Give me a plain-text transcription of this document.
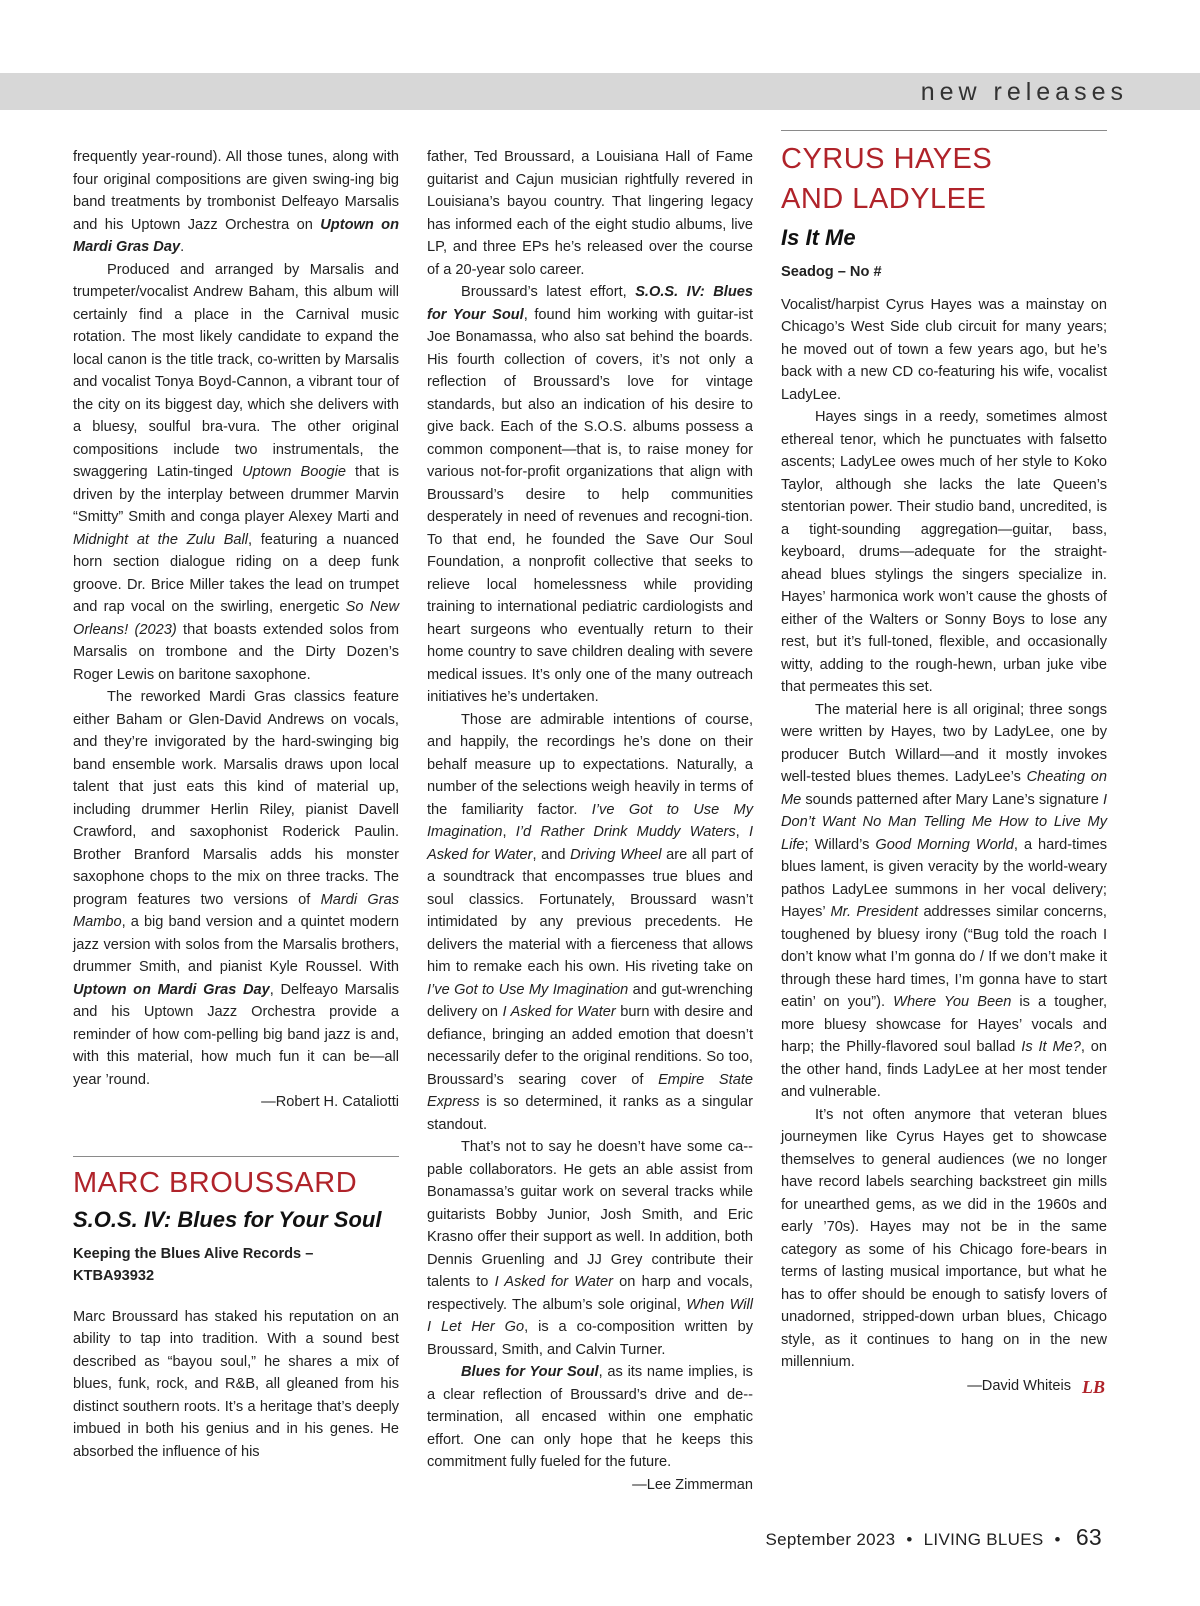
new releases

frequently year-round). All those tunes, along with four original compositions are given swing-ing big band treatments by trombonist Delfeayo Marsalis and his Uptown Jazz Orchestra on Uptown on Mardi Gras Day.

Produced and arranged by Marsalis and trumpeter/vocalist Andrew Baham, this album will certainly find a place in the Carnival music rotation. The most likely candidate to expand the local canon is the title track, co-written by Marsalis and vocalist Tonya Boyd-Cannon, a vibrant tour of the city on its biggest day, which she delivers with a bluesy, soulful bra-vura. The other original compositions include two instrumentals, the swaggering Latin-tinged Uptown Boogie that is driven by the interplay between drummer Marvin “Smitty” Smith and conga player Alexey Marti and Midnight at the Zulu Ball, featuring a nuanced horn section dialogue riding on a deep funk groove. Dr. Brice Miller takes the lead on trumpet and rap vocal on the swirling, energetic So New Orleans! (2023) that boasts extended solos from Marsalis on trombone and the Dirty Dozen’s Roger Lewis on baritone saxophone.

The reworked Mardi Gras classics feature either Baham or Glen-David Andrews on vocals, and they’re invigorated by the hard-swinging big band ensemble work. Marsalis draws upon local talent that just eats this kind of material up, including drummer Herlin Riley, pianist Davell Crawford, and saxophonist Roderick Paulin. Brother Branford Marsalis adds his monster saxophone chops to the mix on three tracks. The program features two versions of Mardi Gras Mambo, a big band version and a quintet modern jazz version with solos from the Marsalis brothers, drummer Smith, and pianist Kyle Roussel. With Uptown on Mardi Gras Day, Delfeayo Marsalis and his Uptown Jazz Orchestra provide a reminder of how com-pelling big band jazz is and, with this material, how much fun it can be—all year ’round.

—Robert H. Cataliotti

MARC BROUSSARD

S.O.S. IV: Blues for Your Soul

Keeping the Blues Alive Records –

KTBA93932

Marc Broussard has staked his reputation on an ability to tap into tradition. With a sound best described as “bayou soul,” he shares a mix of blues, funk, rock, and R&B, all gleaned from his distinct southern roots. It’s a heritage that’s deeply imbued in both his genius and in his genes. He absorbed the influence of his

father, Ted Broussard, a Louisiana Hall of Fame guitarist and Cajun musician rightfully revered in Louisiana’s bayou country. That lingering legacy has informed each of the eight studio albums, live LP, and three EPs he’s released over the course of a 20-year solo career.

Broussard’s latest effort, S.O.S. IV: Blues for Your Soul, found him working with guitar-ist Joe Bonamassa, who also sat behind the boards. His fourth collection of covers, it’s not only a reflection of Broussard’s love for vintage standards, but also an indication of his desire to give back. Each of the S.O.S. albums possess a common component—that is, to raise money for various not-for-profit organizations that align with Broussard’s desire to help communities desperately in need of revenues and recogni-tion. To that end, he founded the Save Our Soul Foundation, a nonprofit collective that seeks to relieve local homelessness while providing training to international pediatric cardiologists and heart surgeons who eventually return to their home country to save children dealing with severe medical issues. It’s only one of the many outreach initiatives he’s undertaken.

Those are admirable intentions of course, and happily, the recordings he’s done on their behalf measure up to expectations. Naturally, a number of the selections weigh heavily in terms of the familiarity factor. I’ve Got to Use My Imagination, I’d Rather Drink Muddy Waters, I Asked for Water, and Driving Wheel are all part of a soundtrack that encompasses true blues and soul classics. Fortunately, Broussard wasn’t intimidated by any previous precedents. He delivers the material with a fierceness that allows him to remake each his own. His riveting take on I’ve Got to Use My Imagination and gut-wrenching delivery on I Asked for Water burn with desire and defiance, bringing an added emotion that doesn’t necessarily defer to the original renditions. So too, Broussard’s searing cover of Empire State Express is so determined, it ranks as a singular standout.

That’s not to say he doesn’t have some ca-pable collaborators. He gets an able assist from Bonamassa’s guitar work on several tracks while guitarists Bobby Junior, Josh Smith, and Eric Krasno offer their support as well. In addition, both Dennis Gruenling and JJ Grey contribute their talents to I Asked for Water on harp and vocals, respectively. The album’s sole original, When Will I Let Her Go, is a co-composition written by Broussard, Smith, and Calvin Turner.

Blues for Your Soul, as its name implies, is a clear reflection of Broussard’s drive and de-termination, all encased within one emphatic effort. One can only hope that he keeps this commitment fully fueled for the future.

—Lee Zimmerman

CYRUS HAYES

AND LADYLEE

Is It Me

Seadog – No #

Vocalist/harpist Cyrus Hayes was a mainstay on Chicago’s West Side club circuit for many years; he moved out of town a few years ago, but he’s back with a new CD co-featuring his wife, vocalist LadyLee.

Hayes sings in a reedy, sometimes almost ethereal tenor, which he punctuates with falsetto ascents; LadyLee owes much of her style to Koko Taylor, although she lacks the late Queen’s stentorian power. Their studio band, uncredited, is a tight-sounding aggregation—guitar, bass, keyboard, drums—adequate for the straight-ahead blues stylings the singers specialize in. Hayes’ harmonica work won’t cause the ghosts of either of the Walters or Sonny Boys to lose any rest, but it’s full-toned, flexible, and occasionally witty, adding to the rough-hewn, urban juke vibe that permeates this set.

The material here is all original; three songs were written by Hayes, two by LadyLee, one by producer Butch Willard—and it mostly invokes well-tested blues themes. LadyLee’s Cheating on Me sounds patterned after Mary Lane’s signature I Don’t Want No Man Telling Me How to Live My Life; Willard’s Good Morning World, a hard-times blues lament, is given veracity by the world-weary pathos LadyLee summons in her vocal delivery; Hayes’ Mr. President addresses similar concerns, toughened by bluesy irony (“Bug told the roach I don’t know what I’m gonna do / If we don’t make it through these hard times, I’m gonna have to start eatin’ on you”). Where You Been is a tougher, more bluesy showcase for Hayes’ vocals and harp; the Philly-flavored soul ballad Is It Me?, on the other hand, finds LadyLee at her most tender and vulnerable.

It’s not often anymore that veteran blues journeymen like Cyrus Hayes get to showcase themselves to general audiences (we no longer have record labels searching backstreet gin mills for unearthed gems, as we did in the 1960s and early ’70s). Hayes may not be in the same category as some of his Chicago fore-bears in terms of lasting musical importance, but what he has to offer should be enough to satisfy lovers of unadorned, stripped-down urban blues, Chicago style, as it continues to hang on in the new millennium.

—David Whiteis LB

September 2023 • LIVING BLUES • 63
